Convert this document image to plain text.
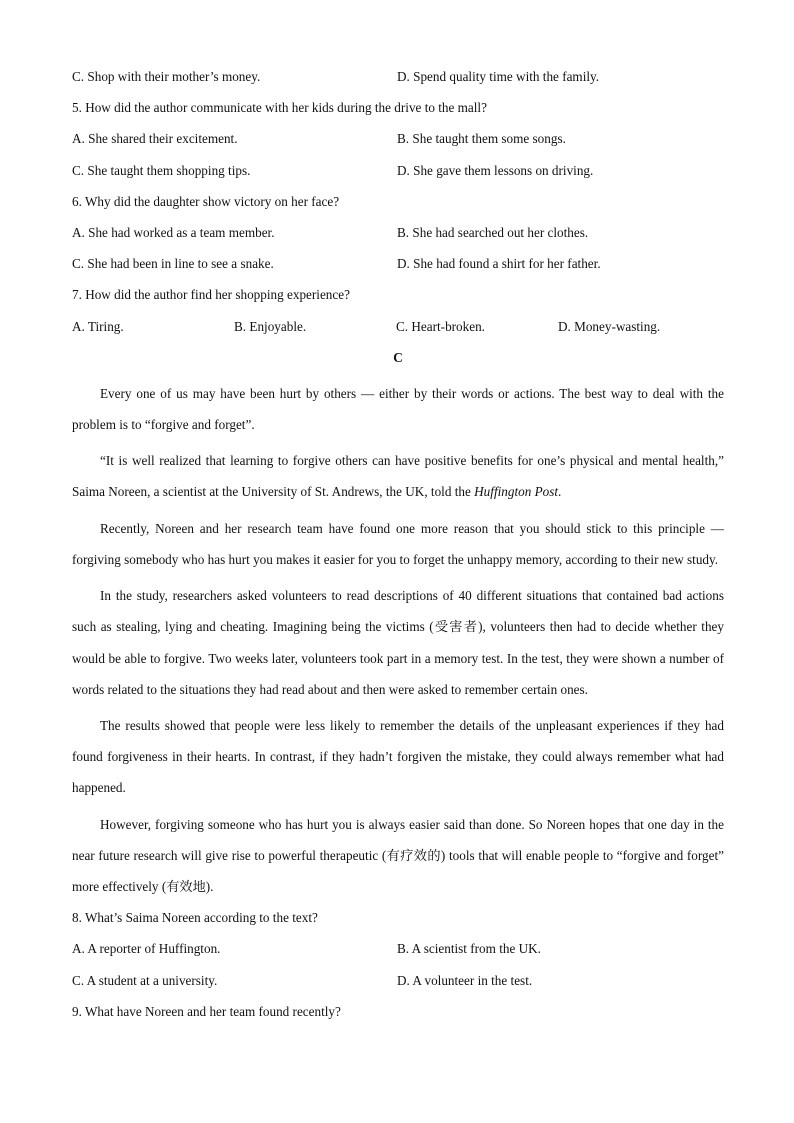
C. Shop with their mother’s money.	D. Spend quality time with the family.
5. How did the author communicate with her kids during the drive to the mall?
A. She shared their excitement.	B. She taught them some songs.
C. She taught them shopping tips.	D. She gave them lessons on driving.
6. Why did the daughter show victory on her face?
A. She had worked as a team member.	B. She had searched out her clothes.
C. She had been in line to see a snake.	D. She had found a shirt for her father.
7. How did the author find her shopping experience?
A. Tiring.	B. Enjoyable.	C. Heart-broken.	D. Money-wasting.
C
Every one of us may have been hurt by others — either by their words or actions. The best way to deal with the problem is to “forgive and forget”.
“It is well realized that learning to forgive others can have positive benefits for one’s physical and mental health,” Saima Noreen, a scientist at the University of St. Andrews, the UK, told the Huffington Post.
Recently, Noreen and her research team have found one more reason that you should stick to this principle — forgiving somebody who has hurt you makes it easier for you to forget the unhappy memory, according to their new study.
In the study, researchers asked volunteers to read descriptions of 40 different situations that contained bad actions such as stealing, lying and cheating. Imagining being the victims (受害者), volunteers then had to decide whether they would be able to forgive. Two weeks later, volunteers took part in a memory test. In the test, they were shown a number of words related to the situations they had read about and then were asked to remember certain ones.
The results showed that people were less likely to remember the details of the unpleasant experiences if they had found forgiveness in their hearts. In contrast, if they hadn’t forgiven the mistake, they could always remember what had happened.
However, forgiving someone who has hurt you is always easier said than done. So Noreen hopes that one day in the near future research will give rise to powerful therapeutic (有疗效的) tools that will enable people to “forgive and forget” more effectively (有效地).
8. What’s Saima Noreen according to the text?
A. A reporter of Huffington.	B. A scientist from the UK.
C. A student at a university.	D. A volunteer in the test.
9. What have Noreen and her team found recently?
